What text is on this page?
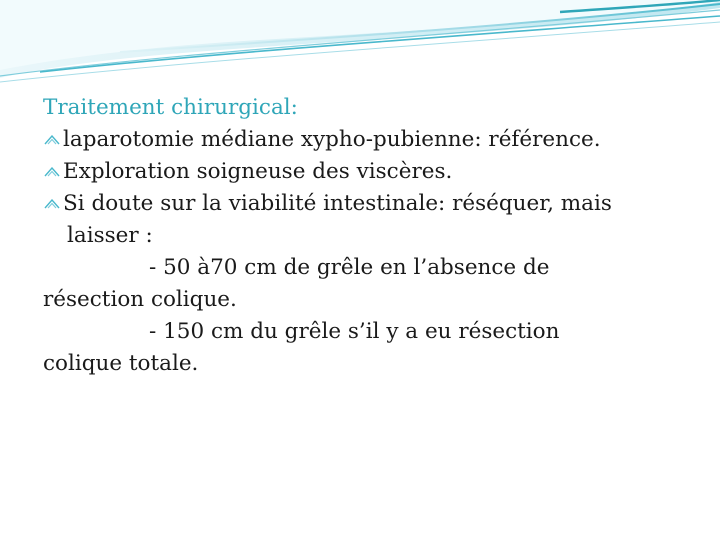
Traitement chirurgical:
laparotomie médiane xypho-pubienne: référence.
Exploration soigneuse des viscères.
Si doute sur la viabilité intestinale: réséquer, mais
laisser :
- 50 à70 cm de grêle en l’absence de
résection colique.
- 150 cm du grêle s’il y a eu résection
colique totale.
